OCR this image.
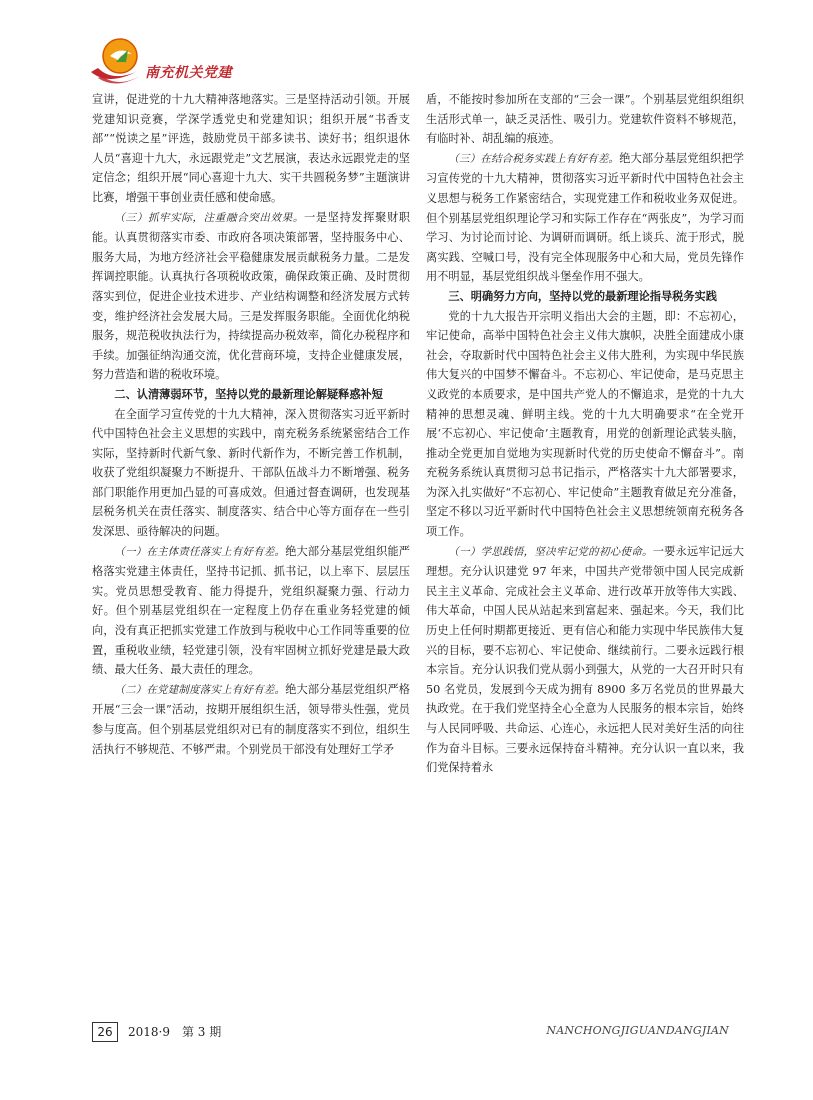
南充机关党建

宣讲，促进党的十九大精神落地落实。三是坚持活动引领。开展党建知识竞赛，学深学透党史和党建知识；组织开展“书香支部”“悦读之星”评选，鼓励党员干部多读书、读好书；组织退休人员“喜迎十九大，永远跟党走”文艺展演，表达永远跟党走的坚定信念；组织开展“同心喜迎十九大、实干共圆税务梦”主题演讲比赛，增强干事创业责任感和使命感。

（三）抓牢实际，注重融合突出效果。一是坚持发挥聚财职能。认真贯彻落实市委、市政府各项决策部署，坚持服务中心、服务大局，为地方经济社会平稳健康发展贡献税务力量。二是发挥调控职能。认真执行各项税收政策，确保政策正确、及时贯彻落实到位，促进企业技术进步、产业结构调整和经济发展方式转变，维护经济社会发展大局。三是发挥服务职能。全面优化纳税服务，规范税收执法行为，持续提高办税效率，简化办税程序和手续。加强征纳沟通交流，优化营商环境，支持企业健康发展，努力营造和谐的税收环境。

二、认清薄弱环节，坚持以党的最新理论解疑释惑补短

在全面学习宣传党的十九大精神，深入贯彻落实习近平新时代中国特色社会主义思想的实践中，南充税务系统紧密结合工作实际，坚持新时代新气象、新时代新作为，不断完善工作机制，收获了党组织凝聚力不断提升、干部队伍战斗力不断增强、税务部门职能作用更加凸显的可喜成效。但通过督查调研，也发现基层税务机关在责任落实、制度落实、结合中心等方面存在一些引发深思、亟待解决的问题。

（一）在主体责任落实上有好有差。绝大部分基层党组织能严格落实党建主体责任，坚持书记抓、抓书记，以上率下、层层压实。党员思想受教育、能力得提升，党组织凝聚力强、行动力好。但个别基层党组织在一定程度上仍存在重业务轻党建的倾向，没有真正把抓实党建工作放到与税收中心工作同等重要的位置，重税收业绩，轻党建引领，没有牢固树立抓好党建是最大政绩、最大任务、最大责任的理念。

（二）在党建制度落实上有好有差。绝大部分基层党组织严格开展“三会一课”活动，按期开展组织生活，领导带头性强，党员参与度高。但个别基层党组织对已有的制度落实不到位，组织生活执行不够规范、不够严肃。个别党员干部没有处理好工学矛

盾，不能按时参加所在支部的“三会一课”。个别基层党组织组织生活形式单一，缺乏灵活性、吸引力。党建软件资料不够规范，有临时补、胡乱编的痕迹。

（三）在结合税务实践上有好有差。绝大部分基层党组织把学习宣传党的十九大精神，贯彻落实习近平新时代中国特色社会主义思想与税务工作紧密结合，实现党建工作和税收业务双促进。但个别基层党组织理论学习和实际工作存在“两张皮”，为学习而学习、为讨论而讨论、为调研而调研。纸上谈兵、流于形式，脱离实践、空喊口号，没有完全体现服务中心和大局，党员先锋作用不明显，基层党组织战斗堡垒作用不强大。

三、明确努力方向，坚持以党的最新理论指导税务实践

党的十九大报告开宗明义指出大会的主题，即：不忘初心，牢记使命，高举中国特色社会主义伟大旗帜，决胜全面建成小康社会，夺取新时代中国特色社会主义伟大胜利，为实现中华民族伟大复兴的中国梦不懈奋斗。不忘初心、牢记使命，是马克思主义政党的本质要求，是中国共产党人的不懈追求，是党的十九大精神的思想灵魂、鲜明主线。党的十九大明确要求“在全党开展‘不忘初心、牢记使命’主题教育，用党的创新理论武装头脑，推动全党更加自觉地为实现新时代党的历史使命不懈奋斗”。南充税务系统认真贯彻习总书记指示，严格落实十九大部署要求，为深入扎实做好“不忘初心、牢记使命”主题教育做足充分准备，坚定不移以习近平新时代中国特色社会主义思想统领南充税务各项工作。

（一）学思践悟，坚决牢记党的初心使命。一要永远牢记远大理想。充分认识建党 97 年来，中国共产党带领中国人民完成新民主主义革命、完成社会主义革命、进行改革开放等伟大实践、伟大革命，中国人民从站起来到富起来、强起来。今天，我们比历史上任何时期都更接近、更有信心和能力实现中华民族伟大复兴的目标，要不忘初心、牢记使命、继续前行。二要永远践行根本宗旨。充分认识我们党从弱小到强大，从党的一大召开时只有 50 名党员，发展到今天成为拥有 8900 多万名党员的世界最大执政党。在于我们党坚持全心全意为人民服务的根本宗旨，始终与人民同呼吸、共命运、心连心，永远把人民对美好生活的向往作为奋斗目标。三要永远保持奋斗精神。充分认识一直以来，我们党保持着永

26	2018·9　第 3 期	NANCHONGJIGUANDANGJIAN
